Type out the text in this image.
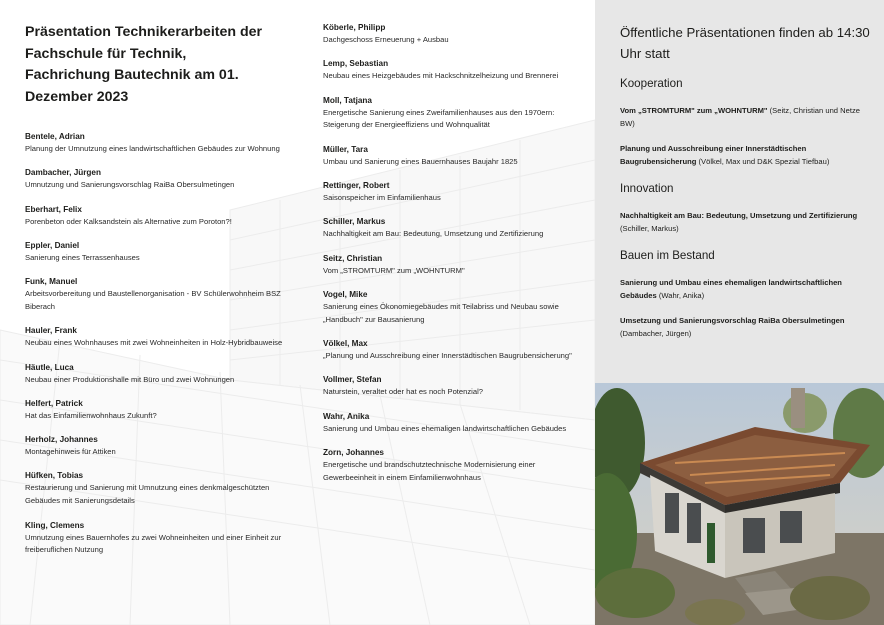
Präsentation Technikerarbeiten der Fachschule für Technik, Fachrichung Bautechnik am 01. Dezember 2023
Bentele, Adrian
Planung der Umnutzung eines landwirtschaftlichen Gebäudes zur Wohnung
Dambacher, Jürgen
Umnutzung und Sanierungsvorschlag RaiBa Obersulmetingen
Eberhart, Felix
Porenbeton oder Kalksandstein als Alternative zum Poroton?!
Eppler, Daniel
Sanierung eines Terrassenhauses
Funk, Manuel
Arbeitsvorbereitung und Baustellenorganisation - BV Schülerwohnheim BSZ Biberach
Hauler, Frank
Neubau eines Wohnhauses mit zwei Wohneinheiten in Holz-Hybridbauweise
Häutle, Luca
Neubau einer Produktionshalle mit Büro und zwei Wohnungen
Helfert, Patrick
Hat das Einfamilienwohnhaus Zukunft?
Herholz, Johannes
Montagehinweis für Attiken
Hüfken, Tobias
Restaurierung und Sanierung mit Umnutzung eines denkmalgeschützten Gebäudes mit Sanierungsdetails
Kling, Clemens
Umnutzung eines Bauernhofes zu zwei Wohneinheiten und einer Einheit zur freiberuflichen Nutzung
Köberle, Philipp
Dachgeschoss Erneuerung + Ausbau
Lemp, Sebastian
Neubau eines Heizgebäudes mit Hackschnitzelheizung und Brennerei
Moll, Tatjana
Energetische Sanierung eines Zweifamilienhauses aus den 1970ern: Steigerung der Energieeffiziens und Wohnqualität
Müller, Tara
Umbau und Sanierung eines Bauernhauses Baujahr 1825
Rettinger, Robert
Saisonspeicher im Einfamilienhaus
Schiller, Markus
Nachhaltigkeit am Bau: Bedeutung, Umsetzung und Zertifizierung
Seitz, Christian
Vom „STROMTURM" zum „WOHNTURM"
Vogel, Mike
Sanierung eines Ökonomiegebäudes mit Teilabriss und Neubau sowie „Handbuch" zur Bausanierung
Völkel, Max
„Planung und Ausschreibung einer Innerstädtischen Baugrubensicherung"
Vollmer, Stefan
Naturstein, veraltet oder hat es noch Potenzial?
Wahr, Anika
Sanierung und Umbau eines ehemaligen landwirtschaftlichen Gebäudes
Zorn, Johannes
Energetische und brandschutztechnische Modernisierung einer Gewerbeeinheit in einem Einfamilienwohnhaus
Öffentliche Präsentationen finden ab 14:30 Uhr statt
Kooperation
Vom „STROMTURM" zum „WOHNTURM" (Seitz, Christian und Netze BW)
Planung und Ausschreibung einer Innerstädtischen Baugrubensicherung (Völkel, Max und D&K Spezial Tiefbau)
Innovation
Nachhaltigkeit am Bau: Bedeutung, Umsetzung und Zertifizierung (Schiller, Markus)
Bauen im Bestand
Sanierung und Umbau eines ehemaligen landwirtschaftlichen Gebäudes (Wahr, Anika)
Umsetzung und Sanierungsvorschlag RaiBa Obersulmetingen (Dambacher, Jürgen)
